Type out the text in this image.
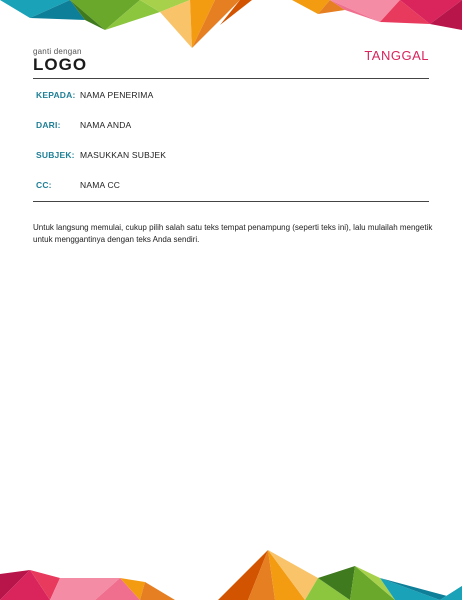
ganti dengan
LOGO	TANGGAL
KEPADA: NAMA PENERIMA
DARI: NAMA ANDA
SUBJEK: MASUKKAN SUBJEK
CC:	NAMA CC
Untuk langsung memulai, cukup pilih salah satu teks tempat penampung (seperti teks ini), lalu mulailah mengetik untuk menggantinya dengan teks Anda sendiri.
